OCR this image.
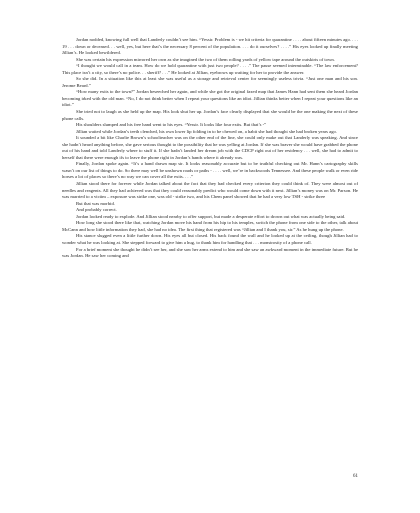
Jordan nodded, knowing full well that Landerly couldn’t see him. “Yessir. Problem is - we hit criteria for quarantine . . . . about fifteen minutes ago. . . . 19 . . . down or deceased. . . well, yes, but here that’s the necessary 8 percent of the population. . . . do it ourselves? . . . .” His eyes looked up finally meeting Jillian’s. He looked bewildered.

She was certain his expression mirrored her own as she imagined the two of them rolling yards of yellow tape around the outskirts of town.

“I thought we would call in a team. How do we hold quarantine with just two people? . . . .” The pause seemed interminable. “The law enforcement? This place isn’t a city, so there’s no police. . . sheriff? . . .” He looked at Jillian, eyebrows up waiting for her to provide the answer.

So she did. In a situation like this at least she was useful as a storage and retrieval center for seemingly useless trivia. “Just one man and his son. Jerome Beard.”

“How many exits to the town?” Jordan beseeched her again, and while she got the original faxed map that James Hann had sent them she heard Jordan becoming irked with the old man. “No, I do not think better when I repeat your questions like an idiot. Jillian thinks better when I repeat your questions like an idiot.”

She tried not to laugh as she held up the map. His look shut her up. Jordan’s face clearly displayed that she would be the one making the next of these phone calls.

His shoulders slumped and his free hand went to his eyes. “Yessir. It looks like four exits. But that’s -”

Jillian waited while Jordan’s teeth clenched, his own lower lip folding in to be chewed on, a habit she had thought she had broken years ago.

It sounded a bit like Charlie Brown’s schoolteacher was on the other end of the line, she could only make out that Landerly was speaking. And since she hadn’t heard anything before, she gave serious thought to the possibility that he was yelling at Jordan. If she was braver she would have grabbed the phone out of his hand and told Landerly where to stuff it. If she hadn’t landed her dream job with the CDCP right out of her residency . . . well, she had to admit to herself that there were enough ifs to leave the phone right in Jordan’s hands where it already was.

Finally, Jordan spoke again. “It’s a hand drawn map sir. It looks reasonably accurate but to be truthful checking out Mr. Hann’s cartography skills wasn’t on our list of things to do. So there may well be unshown roads or paths - . . . . well, we’re in backwoods Tennessee. And these people walk or even ride horses a lot of places so there’s no way we can cover all the exits. . . .”

Jillian stood there for forever while Jordan talked about the fact that they had checked every criterion they could think of. They were almost out of needles and reagents. All they had achieved was that they could reasonably predict who would come down with it next. Jillian’s money was on Mr. Parson. He was married to a victim – exposure was strike one, was old - strike two, and his Chem panel showed that he had a very low TSH - strike three

But that was morbid.

And probably correct.

Jordan looked ready to explode. And Jillian stood nearby to offer support, but made a desperate effort to drown out what was actually being said.

How long she stood there like that, watching Jordan move his hand from his hip to his temples, switch the phone from one side to the other, talk about McCann and how little information they had, she had no idea. The first thing that registered was “Jillian and I thank you, sir.” As he hung up the phone.

His stance slugged even a little further down. His eyes all but closed. His back found the wall and he looked up at the ceiling, though Jillian had to wonder what he was looking at. She stepped forward to give him a hug, to thank him for handling that . . . monstrosity of a phone call.

For a brief moment she thought he didn’t see her, and she saw her arms extend to him and she saw an awkward moment in the immediate future. But he was Jordan. He saw her coming and

61
